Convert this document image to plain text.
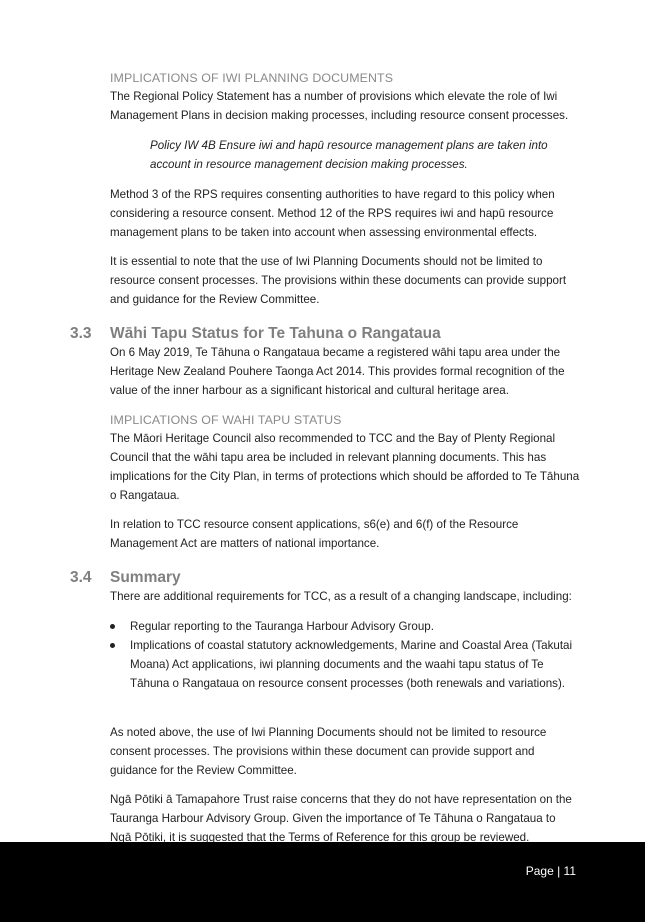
IMPLICATIONS OF IWI PLANNING DOCUMENTS

The Regional Policy Statement has a number of provisions which elevate the role of Iwi Management Plans in decision making processes, including resource consent processes.

Policy IW 4B Ensure iwi and hapū resource management plans are taken into account in resource management decision making processes.

Method 3 of the RPS requires consenting authorities to have regard to this policy when considering a resource consent. Method 12 of the RPS requires iwi and hapū resource management plans to be taken into account when assessing environmental effects.

It is essential to note that the use of Iwi Planning Documents should not be limited to resource consent processes. The provisions within these documents can provide support and guidance for the Review Committee.

3.3 Wāhi Tapu Status for Te Tahuna o Rangataua

On 6 May 2019, Te Tāhuna o Rangataua became a registered wāhi tapu area under the Heritage New Zealand Pouhere Taonga Act 2014. This provides formal recognition of the value of the inner harbour as a significant historical and cultural heritage area.

IMPLICATIONS OF WAHI TAPU STATUS

The Māori Heritage Council also recommended to TCC and the Bay of Plenty Regional Council that the wāhi tapu area be included in relevant planning documents. This has implications for the City Plan, in terms of protections which should be afforded to Te Tāhuna o Rangataua.

In relation to TCC resource consent applications, s6(e) and 6(f) of the Resource Management Act are matters of national importance.

3.4 Summary

There are additional requirements for TCC, as a result of a changing landscape, including:

Regular reporting to the Tauranga Harbour Advisory Group.
Implications of coastal statutory acknowledgements, Marine and Coastal Area (Takutai Moana) Act applications, iwi planning documents and the waahi tapu status of Te Tāhuna o Rangataua on resource consent processes (both renewals and variations).

As noted above, the use of Iwi Planning Documents should not be limited to resource consent processes. The provisions within these document can provide support and guidance for the Review Committee.

Ngā Pōtiki ā Tamapahore Trust raise concerns that they do not have representation on the Tauranga Harbour Advisory Group. Given the importance of Te Tāhuna o Rangataua to Ngā Pōtiki, it is suggested that the Terms of Reference for this group be reviewed.

Page | 11
